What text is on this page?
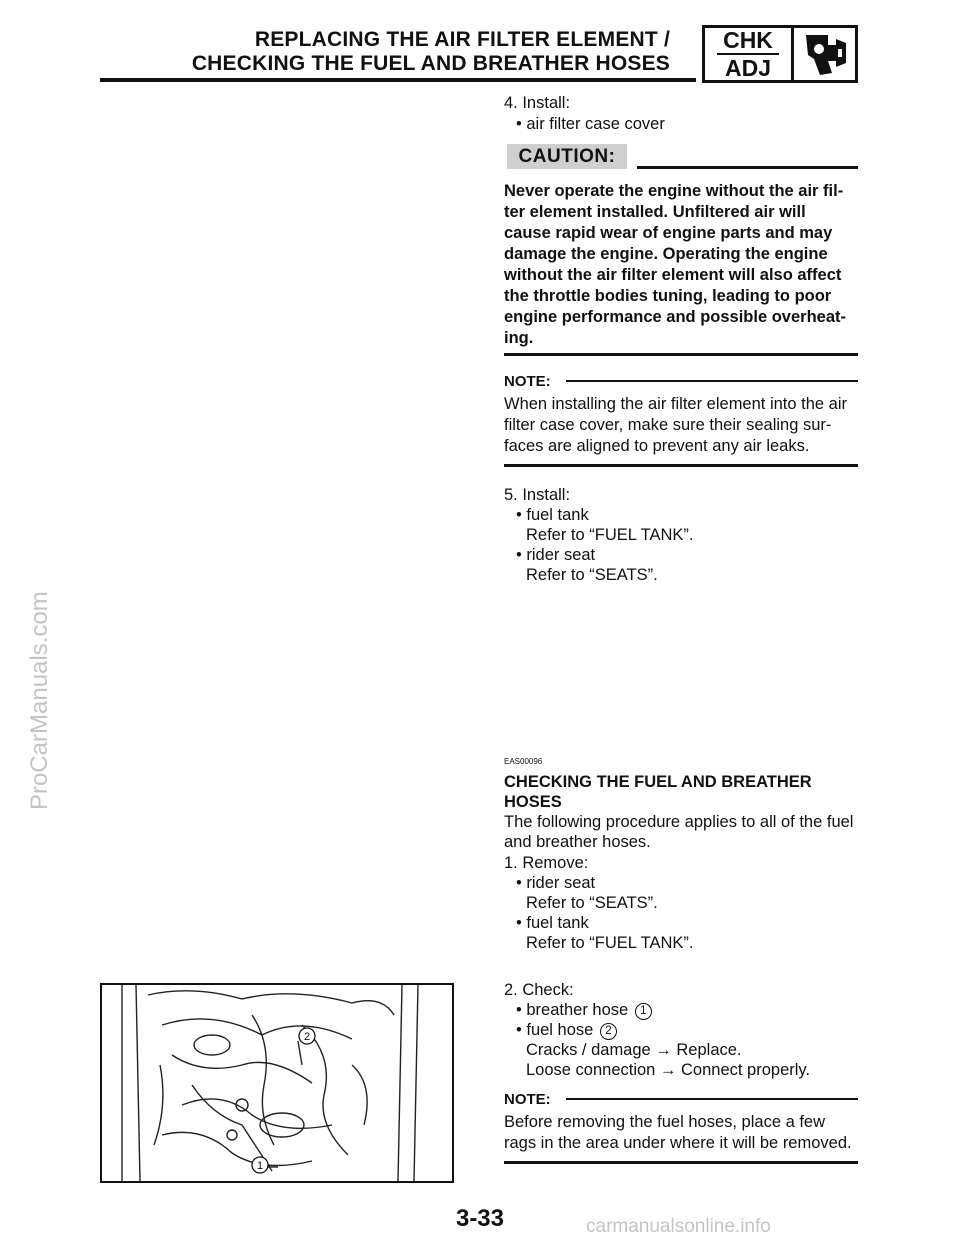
REPLACING THE AIR FILTER ELEMENT /
CHECKING THE FUEL AND BREATHER HOSES
CHK
ADJ
4. Install:
• air filter case cover
CAUTION:
Never operate the engine without the air fil-
ter element installed. Unfiltered air will
cause rapid wear of engine parts and may
damage the engine. Operating the engine
without the air filter element will also affect
the throttle bodies tuning, leading to poor
engine performance and possible overheat-
ing.
NOTE:
When installing the air filter element into the air
filter case cover, make sure their sealing sur-
faces are aligned to prevent any air leaks.
5. Install:
• fuel tank
Refer to “FUEL TANK”.
• rider seat
Refer to “SEATS”.
EAS00096
CHECKING THE FUEL AND BREATHER
HOSES
The following procedure applies to all of the fuel
and breather hoses.
1. Remove:
• rider seat
Refer to “SEATS”.
• fuel tank
Refer to “FUEL TANK”.
2. Check:
• breather hose 1
• fuel hose 2
Cracks / damage → Replace.
Loose connection → Connect properly.
NOTE:
Before removing the fuel hoses, place a few
rags in the area under where it will be removed.
2
1
3-33
ProCarManuals.com
carmanualsonline.info
